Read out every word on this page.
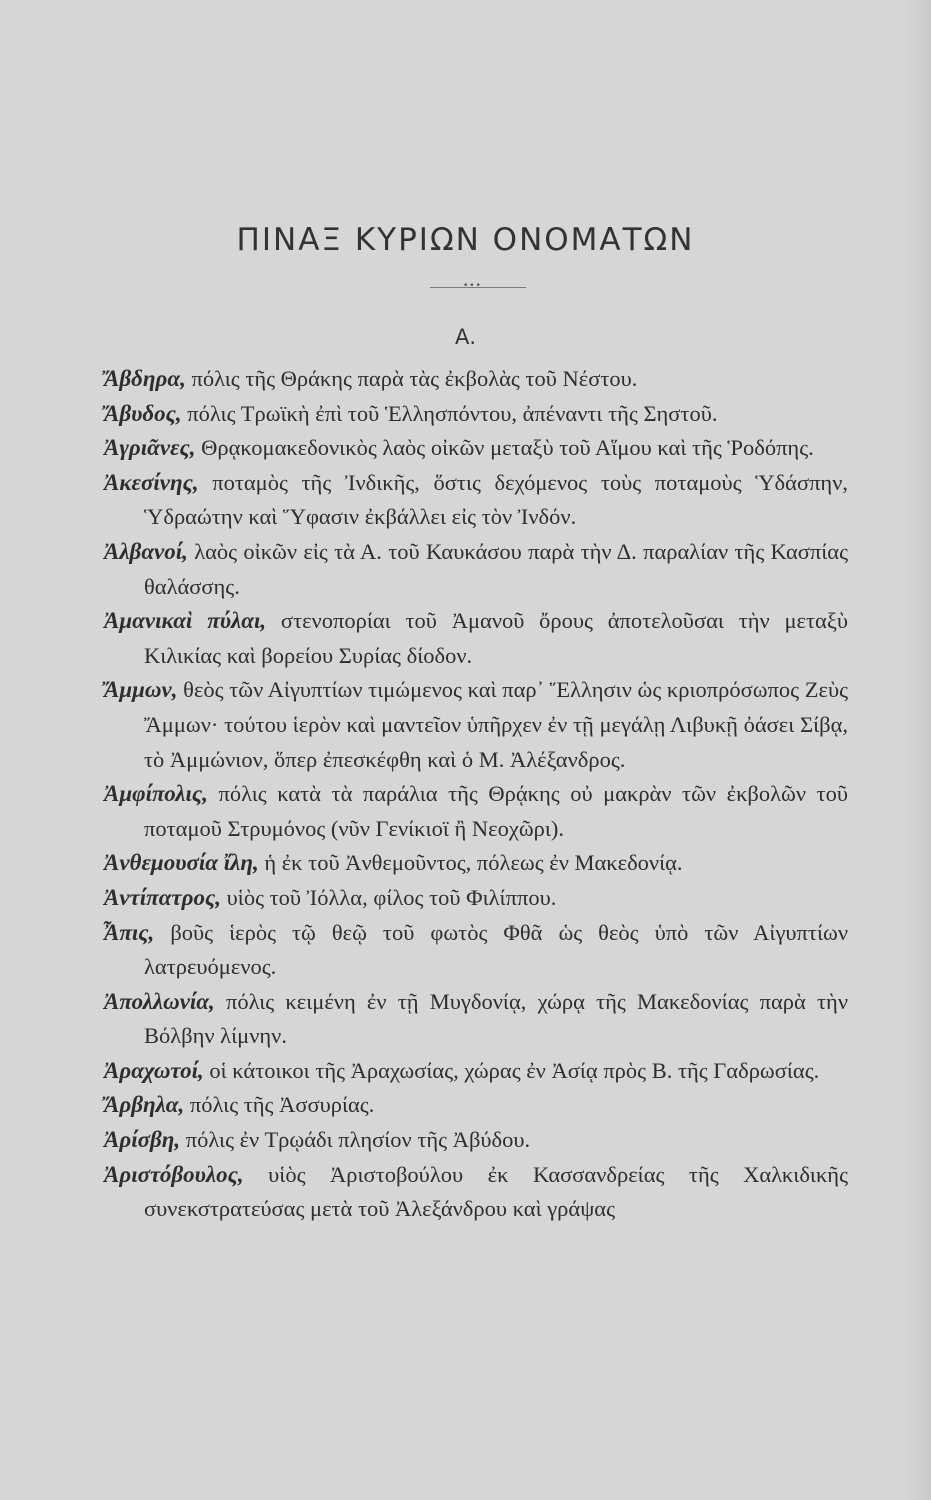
ΠΙΝΑΞ ΚΥΡΙΩΝ ΟΝΟΜΑΤΩΝ
•••
Α.

Ἄβδηρα, πόλις τῆς Θράκης παρὰ τὰς ἐκβολὰς τοῦ Νέστου.

Ἄβυδος, πόλις Τρωϊκὴ ἐπὶ τοῦ Ἑλλησπόντου, ἀπέναντι τῆς Σηστοῦ.

Ἀγριᾶνες, Θρᾳκομακεδονικὸς λαὸς οἰκῶν μεταξὺ τοῦ Αἵμου καὶ τῆς Ῥοδόπης.

Ἀκεσίνης, ποταμὸς τῆς Ἰνδικῆς, ὅστις δεχόμενος τοὺς ποταμοὺς Ὑδάσπην, Ὑδραώτην καὶ Ὕφασιν ἐκβάλλει εἰς τὸν Ἰνδόν.

Ἀλβανοί, λαὸς οἰκῶν εἰς τὰ Α. τοῦ Καυκάσου παρὰ τὴν Δ. παραλίαν τῆς Κασπίας θαλάσσης.

Ἀμανικαὶ πύλαι, στενοπορίαι τοῦ Ἀμανοῦ ὄρους ἀποτελοῦσαι τὴν μεταξὺ Κιλικίας καὶ βορείου Συρίας δίοδον.

Ἄμμων, θεὸς τῶν Αἰγυπτίων τιμώμενος καὶ παρ᾽ Ἕλλησιν ὡς κριοπρόσωπος Ζεὺς Ἄμμων· τούτου ἱερὸν καὶ μαντεῖον ὑπῆρχεν ἐν τῇ μεγάλῃ Λιβυκῇ ὀάσει Σίβᾳ, τὸ Ἀμμώνιον, ὅπερ ἐπεσκέφθη καὶ ὁ Μ. Ἀλέξανδρος.

Ἀμφίπολις, πόλις κατὰ τὰ παράλια τῆς Θρᾴκης οὐ μακρὰν τῶν ἐκβολῶν τοῦ ποταμοῦ Στρυμόνος (νῦν Γενίκιοϊ ἢ Νεοχῶρι).

Ἀνθεμουσία ἴλη, ἡ ἐκ τοῦ Ἀνθεμοῦντος, πόλεως ἐν Μακεδονίᾳ.

Ἀντίπατρος, υἱὸς τοῦ Ἰόλλα, φίλος τοῦ Φιλίππου.

Ἆπις, βοῦς ἱερὸς τῷ θεῷ τοῦ φωτὸς Φθᾶ ὡς θεὸς ὑπὸ τῶν Αἰγυπτίων λατρευόμενος.

Ἀπολλωνία, πόλις κειμένη ἐν τῇ Μυγδονίᾳ, χώρᾳ τῆς Μακεδονίας παρὰ τὴν Βόλβην λίμνην.

Ἀραχωτοί, οἱ κάτοικοι τῆς Ἀραχωσίας, χώρας ἐν Ἀσίᾳ πρὸς Β. τῆς Γαδρωσίας.

Ἄρβηλα, πόλις τῆς Ἀσσυρίας.

Ἀρίσβη, πόλις ἐν Τρῳάδι πλησίον τῆς Ἀβύδου.

Ἀριστόβουλος, υἱὸς Ἀριστοβούλου ἐκ Κασσανδρείας τῆς Χαλκιδικῆς συνεκστρατεύσας μετὰ τοῦ Ἀλεξάνδρου καὶ γράψας
